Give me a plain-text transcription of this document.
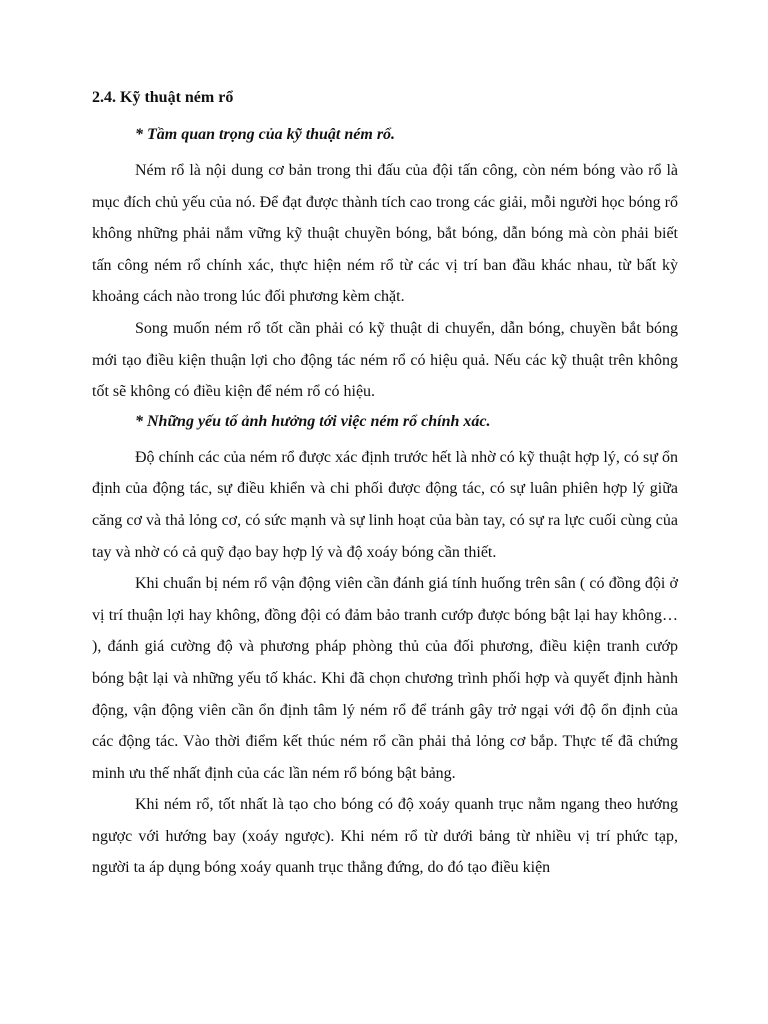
2.4. Kỹ thuật ném rổ
* Tầm quan trọng của kỹ thuật ném rổ.

Ném rổ là nội dung cơ bản trong thi đấu của đội tấn công, còn ném bóng vào rổ là mục đích chủ yếu của nó. Để đạt được thành tích cao trong các giải, mỗi người học bóng rổ không những phải nắm vững kỹ thuật chuyền bóng, bắt bóng, dẫn bóng mà còn phải biết tấn công ném rổ chính xác, thực hiện ném rổ từ các vị trí ban đầu khác nhau, từ bất kỳ khoảng cách nào trong lúc đối phương kèm chặt.

Song muốn ném rổ tốt cần phải có kỹ thuật di chuyển, dẫn bóng, chuyền bắt bóng mới tạo điều kiện thuận lợi cho động tác ném rổ có hiệu quả. Nếu các kỹ thuật trên không tốt sẽ không có điều kiện để ném rổ có hiệu.

* Những yếu tố ảnh hưởng tới việc ném rổ chính xác.

Độ chính các của ném rổ được xác định trước hết là nhờ có kỹ thuật hợp lý, có sự ổn định của động tác, sự điều khiển và chi phối được động tác, có sự luân phiên hợp lý giữa căng cơ và thả lỏng cơ, có sức mạnh và sự linh hoạt của bàn tay, có sự ra lực cuối cùng của tay và nhờ có cả quỹ đạo bay hợp lý và độ xoáy bóng cần thiết.

Khi chuẩn bị ném rổ vận động viên cần đánh giá tính huống trên sân ( có đồng đội ở vị trí thuận lợi hay không, đồng đội có đảm bảo tranh cướp được bóng bật lại hay không… ), đánh giá cường độ và phương pháp phòng thủ của đối phương, điều kiện tranh cướp bóng bật lại và những yếu tố khác. Khi đã chọn chương trình phối hợp và quyết định hành động, vận động viên cần ổn định tâm lý ném rổ để tránh gây trở ngại với độ ổn định của các động tác. Vào thời điểm kết thúc ném rổ cần phải thả lỏng cơ bắp. Thực tế đã chứng minh ưu thế nhất định của các lần ném rổ bóng bật bảng.

Khi ném rổ, tốt nhất là tạo cho bóng có độ xoáy quanh trục nằm ngang theo hướng ngược với hướng bay (xoáy ngược). Khi ném rổ từ dưới bảng từ nhiều vị trí phức tạp, người ta áp dụng bóng xoáy quanh trục thẳng đứng, do đó tạo điều kiện
